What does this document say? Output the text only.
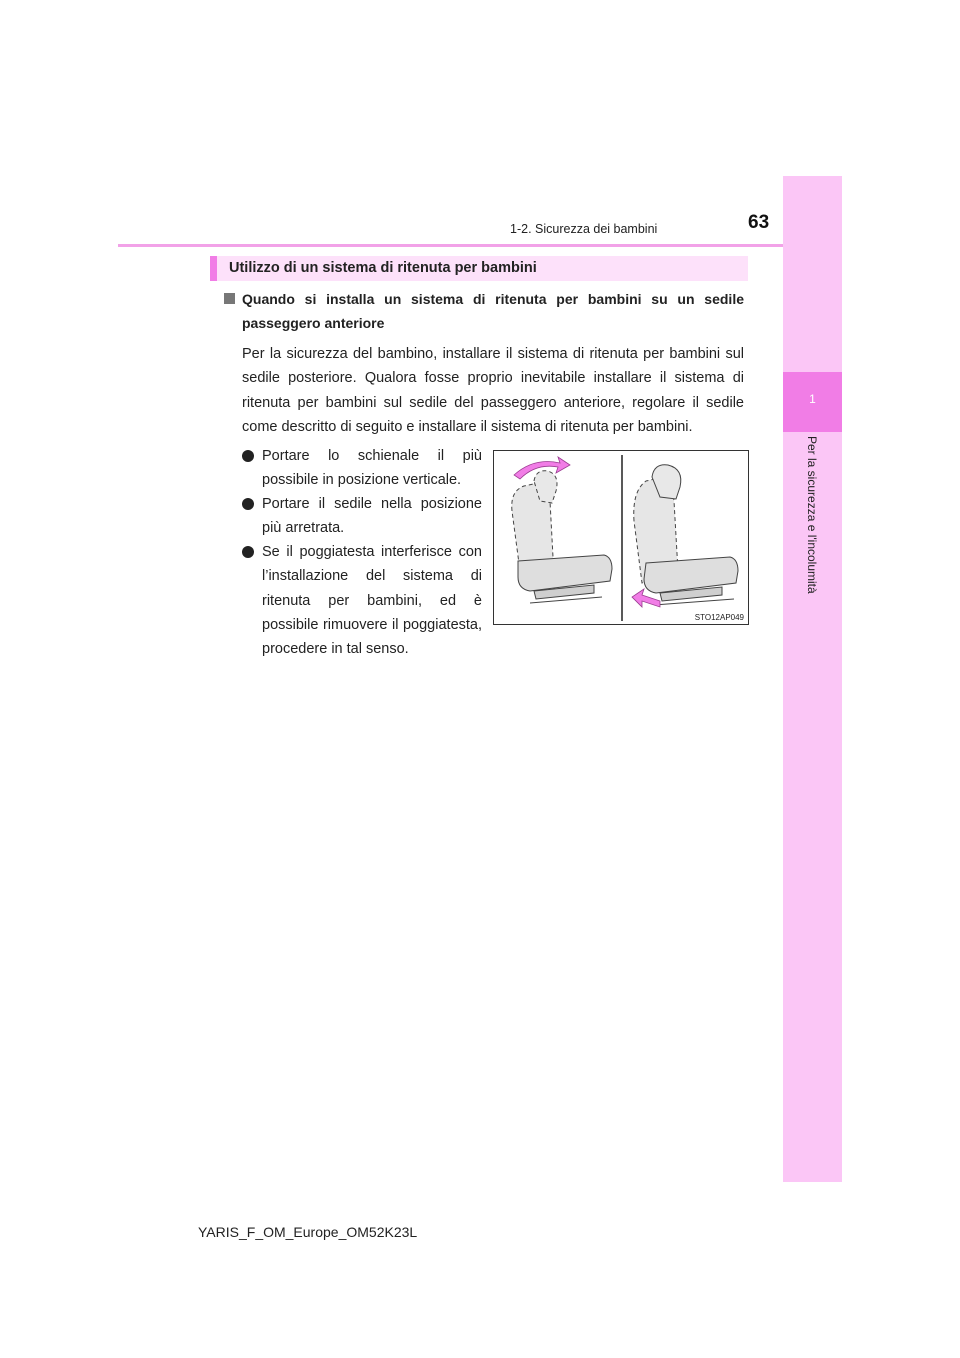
63
1-2. Sicurezza dei bambini
1
Per la sicurezza e l'incolumità
Utilizzo di un sistema di ritenuta per bambini
Quando si installa un sistema di ritenuta per bambini su un sedile passeggero anteriore
Per la sicurezza del bambino, installare il sistema di ritenuta per bambini sul sedile posteriore. Qualora fosse proprio inevitabile installare il sistema di ritenuta per bambini sul sedile del passeggero anteriore, regolare il sedile come descritto di seguito e installare il sistema di ritenuta per bambini.
Portare lo schienale il più possibile in posizione verticale.
Portare il sedile nella posizione più arretrata.
Se il poggiatesta interferisce con l’installazione del sistema di ritenuta per bambini, ed è possibile rimuovere il poggiatesta, procedere in tal senso.
STO12AP049
YARIS_F_OM_Europe_OM52K23L
